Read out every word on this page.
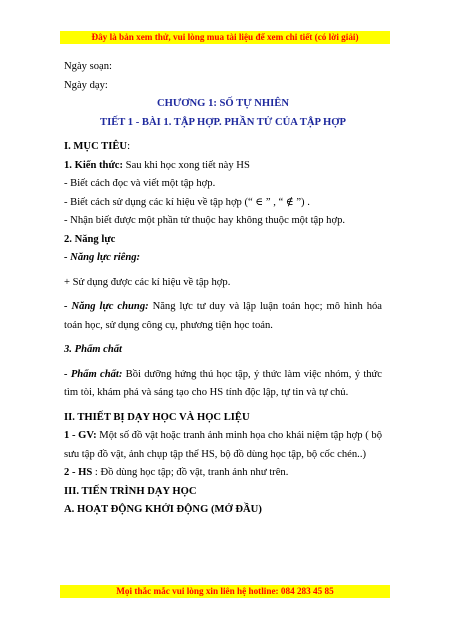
Đây là bản xem thử, vui lòng mua tài liệu để xem chi tiết (có lời giải)
Ngày soạn:
Ngày dạy:
CHƯƠNG 1: SỐ TỰ NHIÊN
TIẾT 1 - BÀI 1. TẬP HỢP. PHẦN TỬ CỦA TẬP HỢP
I. MỤC TIÊU:
1. Kiến thức: Sau khi học xong tiết này HS
- Biết cách đọc và viết một tập hợp.
- Biết cách sử dụng các kí hiệu về tập hợp (“ ∈ ” , “ ∉ ”) .
- Nhận biết được một phần tử thuộc hay không thuộc một tập hợp.
2. Năng lực
- Năng lực riêng:
+ Sử dụng được các kí hiệu về tập hợp.
- Năng lực chung: Năng lực tư duy và lập luận toán học; mô hình hóa toán học, sử dụng công cụ, phương tiện học toán.
3. Phẩm chất
- Phẩm chất: Bồi dưỡng hứng thú học tập, ý thức làm việc nhóm, ý thức tìm tòi, khám phá và sáng tạo cho HS tính độc lập, tự tin và tự chủ.
II. THIẾT BỊ DẠY HỌC VÀ HỌC LIỆU
1 - GV: Một số đồ vật hoặc tranh ảnh minh họa cho khái niệm tập hợp ( bộ sưu tập đồ vật, ảnh chụp tập thể HS, bộ đồ dùng học tập, bộ cốc chén..)
2 - HS : Đồ dùng học tập; đồ vật, tranh ảnh như trên.
III. TIẾN TRÌNH DẠY HỌC
A. HOẠT ĐỘNG KHỞI ĐỘNG (MỞ ĐẦU)
Mọi thắc mắc vui lòng xin liên hệ hotline: 084 283 45 85
